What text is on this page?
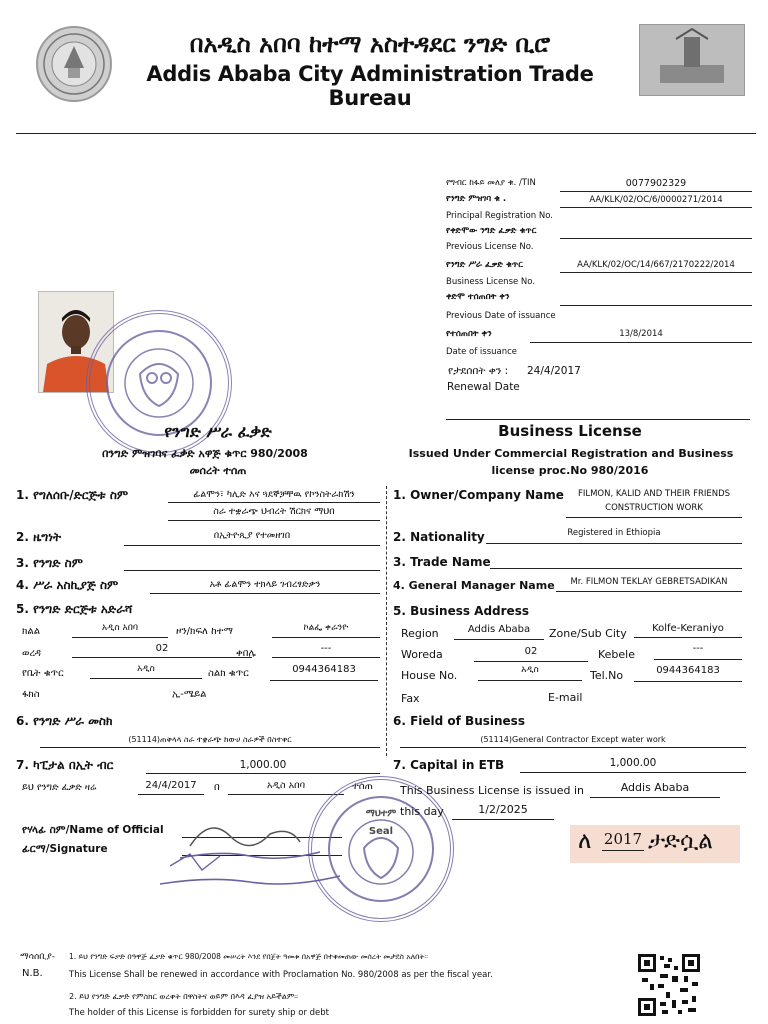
በአዲስ አበባ ከተማ አስተዳደር ንግድ ቢሮ
Addis Ababa City Administration Trade Bureau
የግብር ከፋይ መለያ ቁ. /TIN	0077902329
የንግድ ምዝገባ ቁ .	AA/KLK/02/OC/6/0000271/2014
Principal Registration No.
የቀድሞው ንግድ ፈቃድ ቁጥር
Previous License No.
የንግድ ሥራ ፈቃድ ቁጥር	AA/KLK/02/OC/14/667/2170222/2014
Business License No.
ቀድሞ ተሰጠበት ቀን
Previous Date of issuance
የተሰጠበት ቀን	13/8/2014
Date of issuance
የታደሰበት ቀን : 24/4/2017
Renewal Date
የንግድ ሥራ ፈቃድ
በንግድ ምዝገባና ፈቃድ አዋጅ ቁጥር 980/2008
መሰረት ተሰጠ
Business License
Issued Under Commercial Registration and Business
license proc.No 980/2016
1. የግለሰቡ/ድርጅቱ ስም	ፊልሞን፣ ካሊድ እና ጓደኞቻቸዉ የኮንስትራክሽን
ስራ ተቋራጭ ህብረት ሽርክና ማህበ
2. ዜግነት	በኢትዮጲያ የተመዘገበ
3. የንግድ ስም
4. ሥራ አስኪያጅ ስም	አቶ ፊልሞን ተክላይ ገብረፃድቃን
5. የንግድ ድርጅቱ አድራሻ
ክልል	አዲስ አበባ	ዞን/ክፍለ ከተማ	ኮልፌ ቀራንዮ
ወረዳ	02	ቀበሌ	---
የቤት ቁጥር	አዲስ	ስልክ ቁጥር	0944364183
ፋክስ	ኢ-ሜይል
6. የንግድ ሥራ መስክ
(51114)ጠቅላላ ስራ ተቋራጭ ከውሀ ስራዎች በስተቀር
7. ካፒታል በኢት ብር	1,000.00
ይህ የንግድ ፈቃድ ዛሬ	24/4/2017	በ	አዲስ አበባ	ተሰጠ
የሃላፊ ስም/Name of Official
ፊርማ/Signature
ማህተም
Seal
1. Owner/Company Name	FILMON, KALID AND THEIR FRIENDS
CONSTRUCTION WORK
2. Nationality	Registered in Ethiopia
3. Trade Name
4. General Manager Name	Mr. FILMON TEKLAY GEBRETSADIKAN
5. Business Address
Region	Addis Ababa	Zone/Sub City	Kolfe-Keraniyo
Woreda	02	Kebele	---
House No.	አዲስ	Tel.No	0944364183
Fax	E-mail
6. Field of Business
(51114)General Contractor Except water work
7. Capital in ETB	1,000.00
This Business License is issued in	Addis Ababa
this day	1/2/2025
ለ 2017 ታድሷል
ማሳሰቢያ-
N.B.
1. ይህ የንግድ ፍቃድ በዓዋጅ ፈቃድ ቁጥር 980/2008 መሠረት እንደ የበጀት ዓመቱ በአዋጅ በተቀመጠው መሰረት መታደስ አለበት።
This License Shall be renewed in accordance with Proclamation No. 980/2008 as per the fiscal year.
2. ይህ የንግድ ፈቃድ የምስክር ወረቀት በዋስትና ወይም በእዳ ፈያዝ አይችልም።
The holder of this License is forbidden for surety ship or debt
